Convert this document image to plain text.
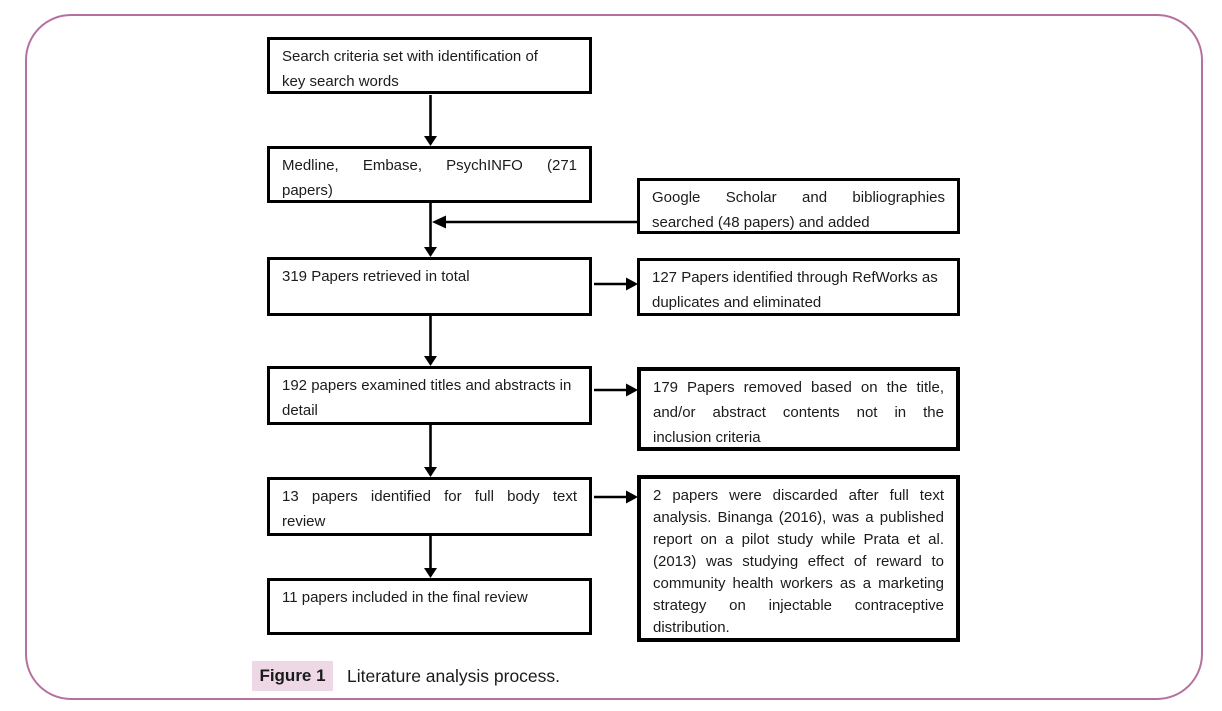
Search criteria set with identification of
key search words
Medline, Embase, PsychINFO (271
papers)
319 Papers retrieved in total
192 papers examined titles and abstracts in
detail
13 papers identified for full body text
review
11 papers included in the final review
Google Scholar and bibliographies
searched (48 papers) and added
127 Papers identified through RefWorks as
duplicates and eliminated
179 Papers removed based on the title,
and/or abstract contents not in the
inclusion criteria
2 papers were discarded after full text
analysis. Binanga (2016), was a published
report on a pilot study while Prata et al.
(2013) was studying effect of reward to
community health workers as a marketing
strategy on injectable contraceptive
distribution.
Figure 1	Literature analysis process.
